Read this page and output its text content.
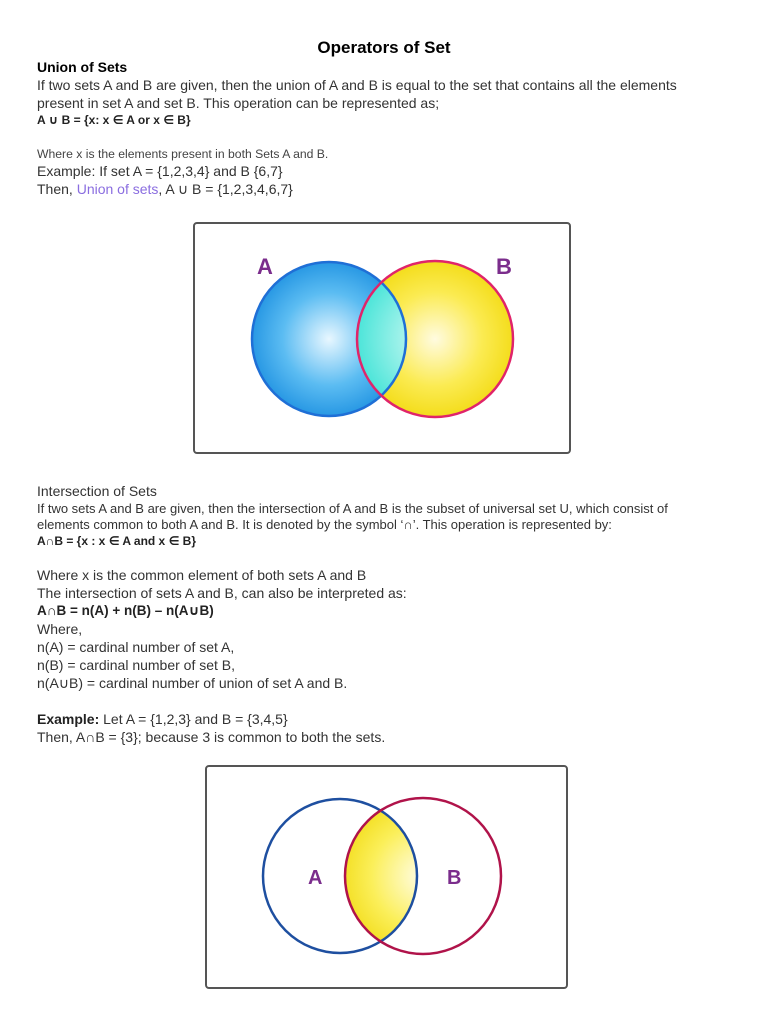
Operators of Set
Union of Sets
If two sets A and B are given, then the union of A and B is equal to the set that contains all the elements
present in set A and set B. This operation can be represented as;
A ∪ B = {x: x ∈ A or x ∈ B}
Where x is the elements present in both Sets A and B.
Example: If set A = {1,2,3,4} and B {6,7}
Then, Union of sets, A ∪ B = {1,2,3,4,6,7}
A	B
Intersection of Sets
If two sets A and B are given, then the intersection of A and B is the subset of universal set U, which consist of
elements common to both A and B. It is denoted by the symbol ‘∩’. This operation is represented by:
A∩B = {x : x ∈ A and x ∈ B}
Where x is the common element of both sets A and B
The intersection of sets A and B, can also be interpreted as:
A∩B = n(A) + n(B) – n(A∪B)
Where,
n(A) = cardinal number of set A,
n(B) = cardinal number of set B,
n(A∪B) = cardinal number of union of set A and B.
Example: Let A = {1,2,3} and B = {3,4,5}
Then, A∩B = {3}; because 3 is common to both the sets.
A	B
